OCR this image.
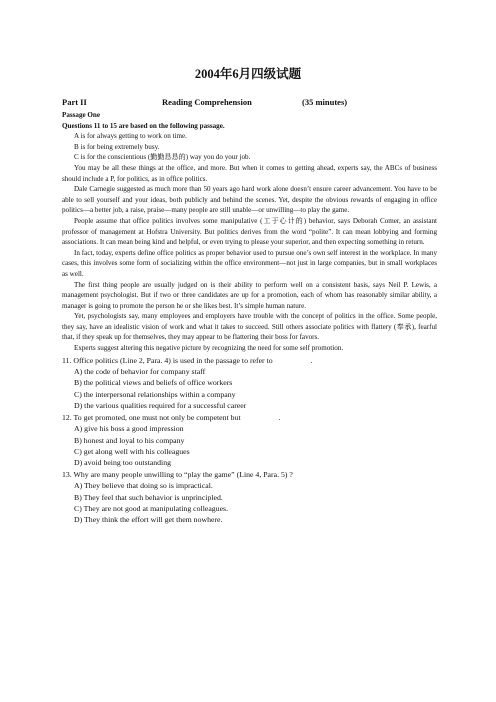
2004年6月四级试题
Part II	Reading Comprehension	(35 minutes)

Passage One

Questions 11 to 15 are based on the following passage.

A is for always getting to work on time.

B is for being extremely busy.

C is for the conscientious (勤勤恳恳的) way you do your job.

You may be all these things at the office, and more. But when it comes to getting ahead, experts say, the ABCs of business should include a P, for politics, as in office politics.

Dale Carnegie suggested as much more than 50 years ago hard work alone doesn’t ensure career advancement. You have to be able to sell yourself and your ideas, both publicly and behind the scenes. Yet, despite the obvious rewards of engaging in office politics—a better job, a raise, praise—many people are still unable—or unwilling—to play the game.

People assume that office politics involves some manipulative (工于心计的) behavior, says Deborah Comer, an assistant professor of management at Hofstra University. But politics derives from the word “polite”. It can mean lobbying and forming associations. It can mean being kind and helpful, or even trying to please your superior, and then expecting something in return.

In fact, today, experts define office politics as proper behavior used to pursue one’s own self interest in the workplace. In many cases, this involves some form of socializing within the office environment—not just in large companies, but in small workplaces as well.

The first thing people are usually judged on is their ability to perform well on a consistent basis, says Neil P. Lewis, a management psychologist. But if two or three candidates are up for a promotion, each of whom has reasonably similar ability, a manager is going to promote the person he or she likes best. It’s simple human nature.

Yet, psychologists say, many employees and employers have trouble with the concept of politics in the office. Some people, they say, have an idealistic vision of work and what it takes to succeed. Still others associate politics with flattery (奉承), fearful that, if they speak up for themselves, they may appear to be flattering their boss for favors.

Experts suggest altering this negative picture by recognizing the need for some self promotion.

11. Office politics (Line 2, Para. 4) is used in the passage to refer to	.

A) the code of behavior for company staff

B) the political views and beliefs of office workers

C) the interpersonal relationships within a company

D) the various qualities required for a successful career

12. To get promoted, one must not only be competent but	.

A) give his boss a good impression

B) honest and loyal to his company

C) get along well with his colleagues

D) avoid being too outstanding

13. Why are many people unwilling to “play the game” (Line 4, Para. 5) ?

A) They believe that doing so is impractical.

B) They feel that such behavior is unprincipled.

C) They are not good at manipulating colleagues.

D) They think the effort will get them nowhere.
